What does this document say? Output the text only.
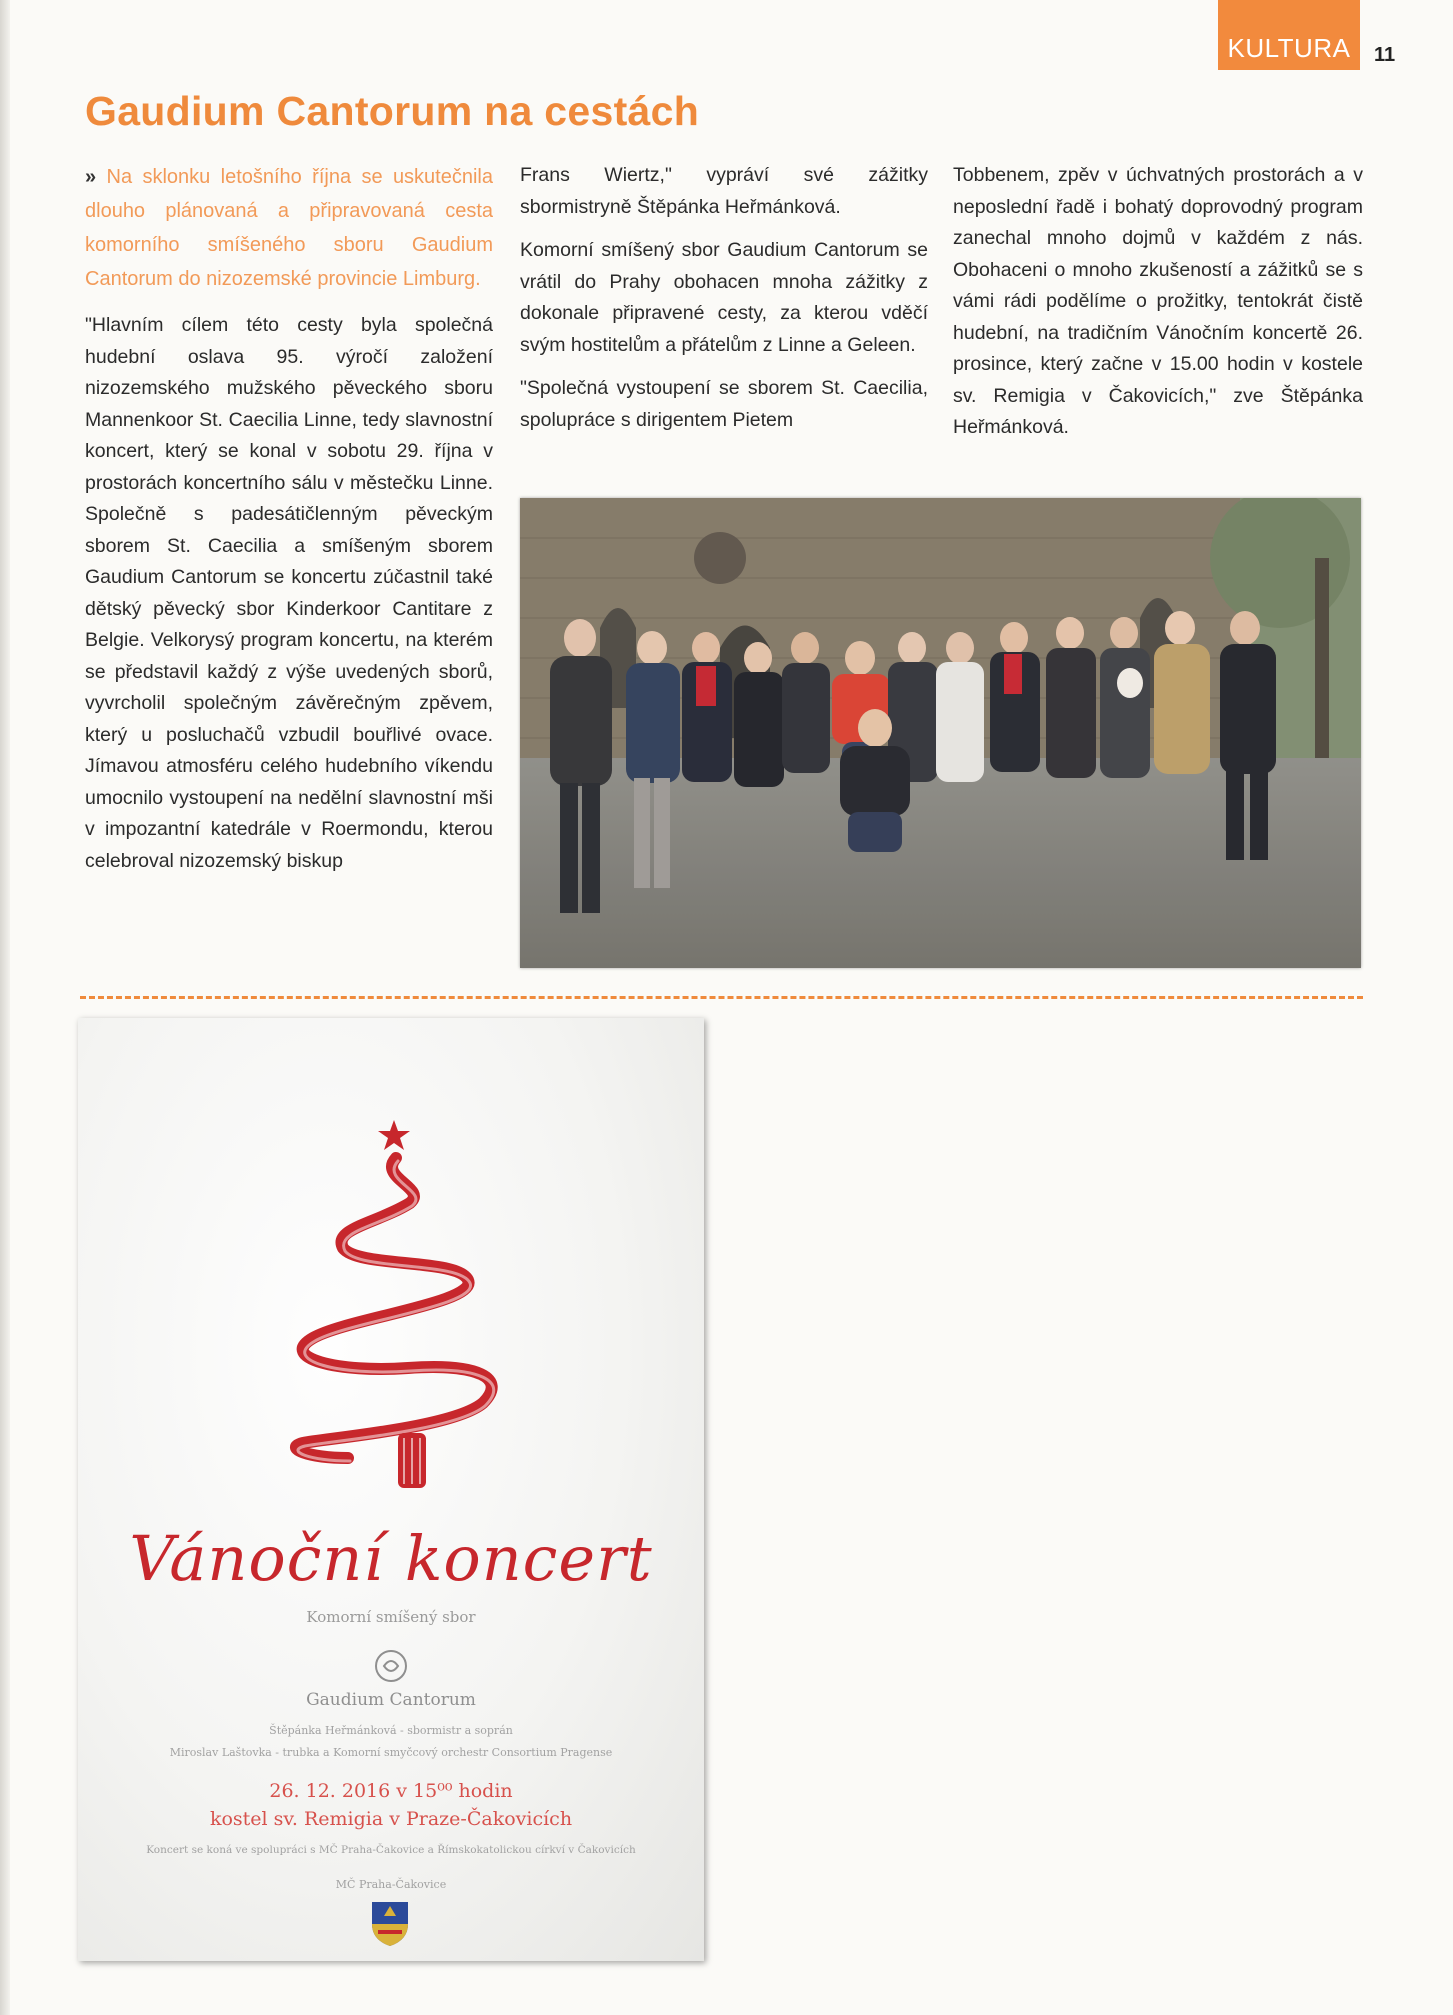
KULTURA	11
Gaudium Cantorum na cestách

» Na sklonku letošního října se uskutečnila dlouho plánovaná a připravovaná cesta komorního smíšeného sboru Gaudium Cantorum do nizozemské provincie Limburg.

"Hlavním cílem této cesty byla společná hudební oslava 95. výročí založení nizozemského mužského pěveckého sboru Mannenkoor St. Caecilia Linne, tedy slavnostní koncert, který se konal v sobotu 29. října v prostorách koncertního sálu v městečku Linne. Společně s padesátičlenným pěveckým sborem St. Caecilia a smíšeným sborem Gaudium Cantorum se koncertu zúčastnil také dětský pěvecký sbor Kinderkoor Cantitare z Belgie. Velkorysý program koncertu, na kterém se představil každý z výše uvedených sborů, vyvrcholil společným závěrečným zpěvem, který u posluchačů vzbudil bouřlivé ovace. Jímavou atmosféru celého hudebního víkendu umocnilo vystoupení na nedělní slavnostní mši v impozantní katedrále v Roermondu, kterou celebroval nizozemský biskup

Frans Wiertz," vypráví své zážitky sbormistryně Štěpánka Heřmánková.

Komorní smíšený sbor Gaudium Cantorum se vrátil do Prahy obohacen mnoha zážitky z dokonale připravené cesty, za kterou vděčí svým hostitelům a přátelům z Linne a Geleen.

"Společná vystoupení se sborem St. Caecilia, spolupráce s dirigentem Pietem

Tobbenem, zpěv v úchvatných prostorách a v neposlední řadě i bohatý doprovodný program zanechal mnoho dojmů v každém z nás. Obohaceni o mnoho zkušeností a zážitků se s vámi rádi podělíme o prožitky, tentokrát čistě hudební, na tradičním Vánočním koncertě 26. prosince, který začne v 15.00 hodin v kostele sv. Remigia v Čakovicích," zve Štěpánka Heřmánková.

Vánoční koncert
Komorní smíšený sbor
Gaudium Cantorum
Štěpánka Heřmánková - sbormistr a soprán
Miroslav Laštovka - trubka a Komorní smyčcový orchestr Consortium Pragense
26. 12. 2016 v 15⁰⁰ hodin
kostel sv. Remigia v Praze-Čakovicích
Koncert se koná ve spolupráci s MČ Praha-Čakovice a Římskokatolickou církví v Čakovicích
MČ Praha-Čakovice
